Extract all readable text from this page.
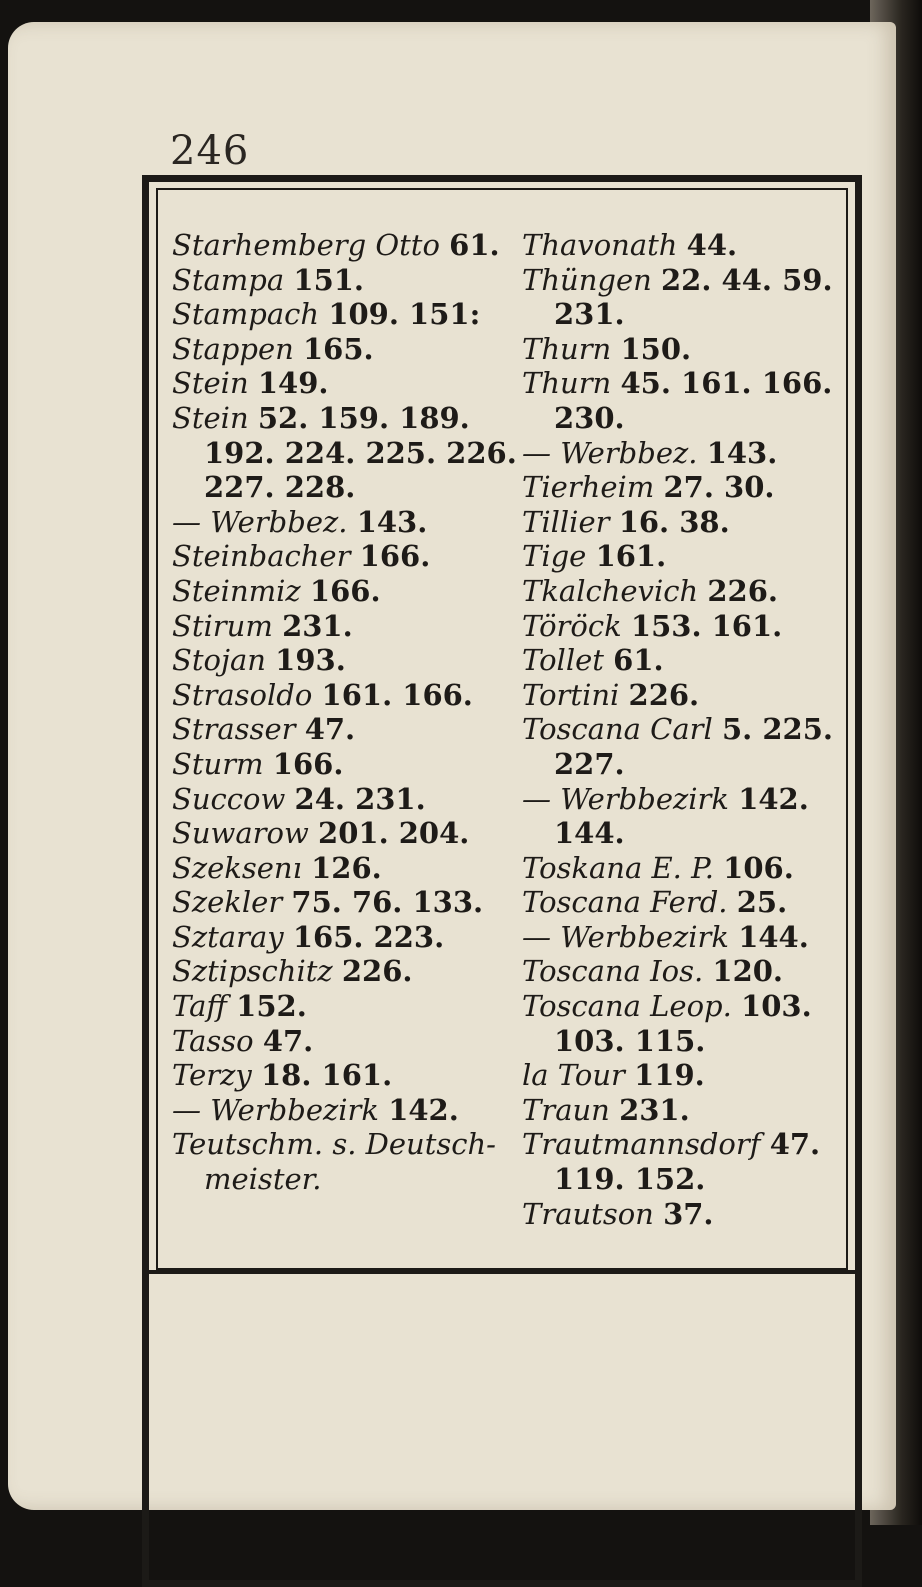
246
Starhemberg Otto 61.
Stampa 151.
Stampach 109. 151:
Stappen 165.
Stein 149.
Stein 52. 159. 189.
192. 224. 225. 226.
227. 228.
— Werbbez. 143.
Steinbacher 166.
Steinmiz 166.
Stirum 231.
Stojan 193.
Strasoldo 161. 166.
Strasser 47.
Sturm 166.
Succow 24. 231.
Suwarow 201. 204.
Szeksenı 126.
Szekler 75. 76. 133.
Sztaray 165. 223.
Sztipschitz 226.
Taff 152.
Tasso 47.
Terzy 18. 161.
— Werbbezirk 142.
Teutschm. s. Deutsch-
meister.
Thavonath 44.
Thüngen 22. 44. 59.
231.
Thurn 150.
Thurn 45. 161. 166.
230.
— Werbbez. 143.
Tierheim 27. 30.
Tillier 16. 38.
Tige 161.
Tkalchevich 226.
Töröck 153. 161.
Tollet 61.
Tortini 226.
Toscana Carl 5. 225.
227.
— Werbbezirk 142.
144.
Toskana E. P. 106.
Toscana Ferd. 25.
— Werbbezirk 144.
Toscana Ios. 120.
Toscana Leop. 103.
103. 115.
la Tour 119.
Traun 231.
Trautmannsdorf 47.
119. 152.
Trautson 37.
